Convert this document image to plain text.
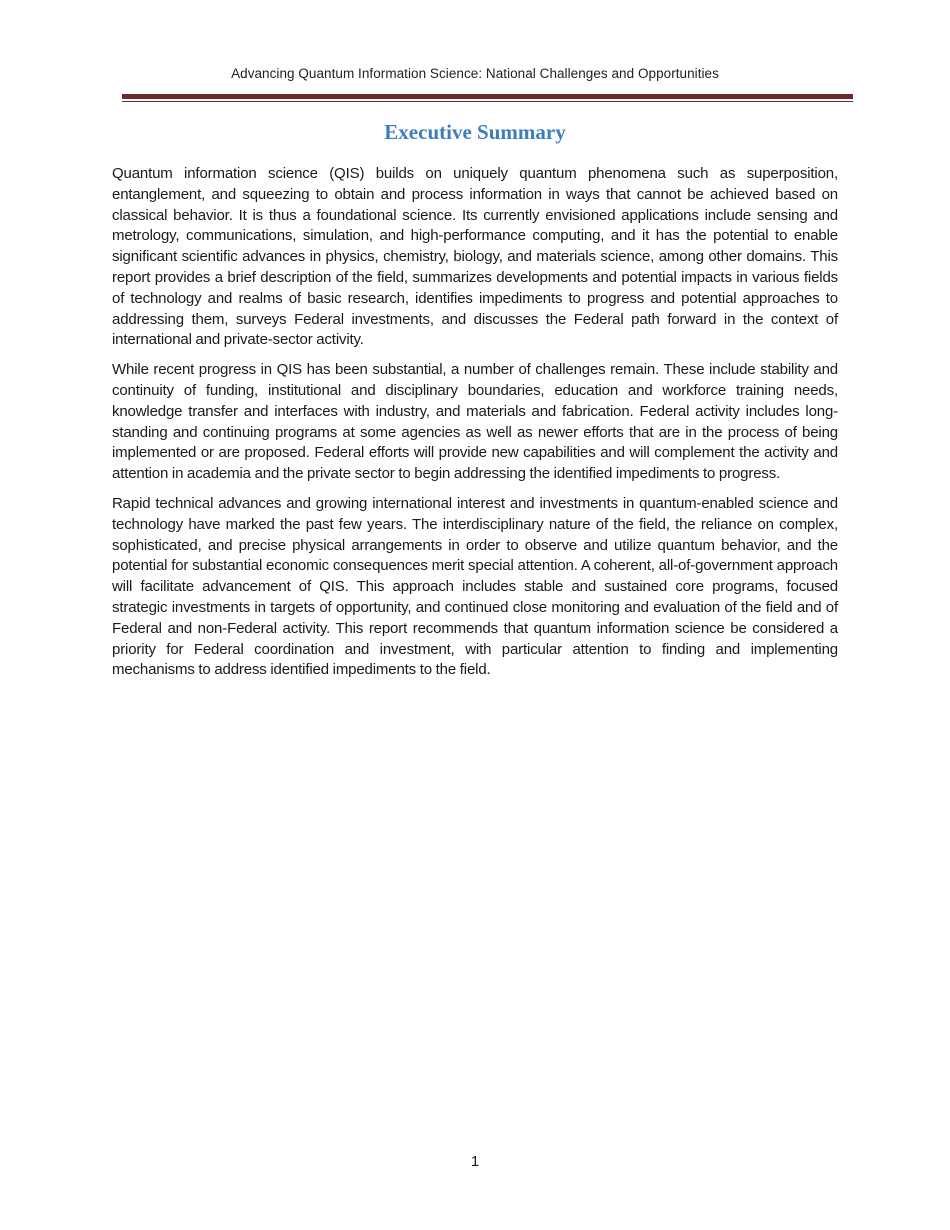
Advancing Quantum Information Science: National Challenges and Opportunities
Executive Summary

Quantum information science (QIS) builds on uniquely quantum phenomena such as superposition, entanglement, and squeezing to obtain and process information in ways that cannot be achieved based on classical behavior. It is thus a foundational science. Its currently envisioned applications include sensing and metrology, communications, simulation, and high-performance computing, and it has the potential to enable significant scientific advances in physics, chemistry, biology, and materials science, among other domains. This report provides a brief description of the field, summarizes developments and potential impacts in various fields of technology and realms of basic research, identifies impediments to progress and potential approaches to addressing them, surveys Federal investments, and discusses the Federal path forward in the context of international and private-sector activity.

While recent progress in QIS has been substantial, a number of challenges remain. These include stability and continuity of funding, institutional and disciplinary boundaries, education and workforce training needs, knowledge transfer and interfaces with industry, and materials and fabrication. Federal activity includes long-standing and continuing programs at some agencies as well as newer efforts that are in the process of being implemented or are proposed. Federal efforts will provide new capabilities and will complement the activity and attention in academia and the private sector to begin addressing the identified impediments to progress.

Rapid technical advances and growing international interest and investments in quantum-enabled science and technology have marked the past few years. The interdisciplinary nature of the field, the reliance on complex, sophisticated, and precise physical arrangements in order to observe and utilize quantum behavior, and the potential for substantial economic consequences merit special attention. A coherent, all-of-government approach will facilitate advancement of QIS. This approach includes stable and sustained core programs, focused strategic investments in targets of opportunity, and continued close monitoring and evaluation of the field and of Federal and non-Federal activity. This report recommends that quantum information science be considered a priority for Federal coordination and investment, with particular attention to finding and implementing mechanisms to address identified impediments to the field.

1
